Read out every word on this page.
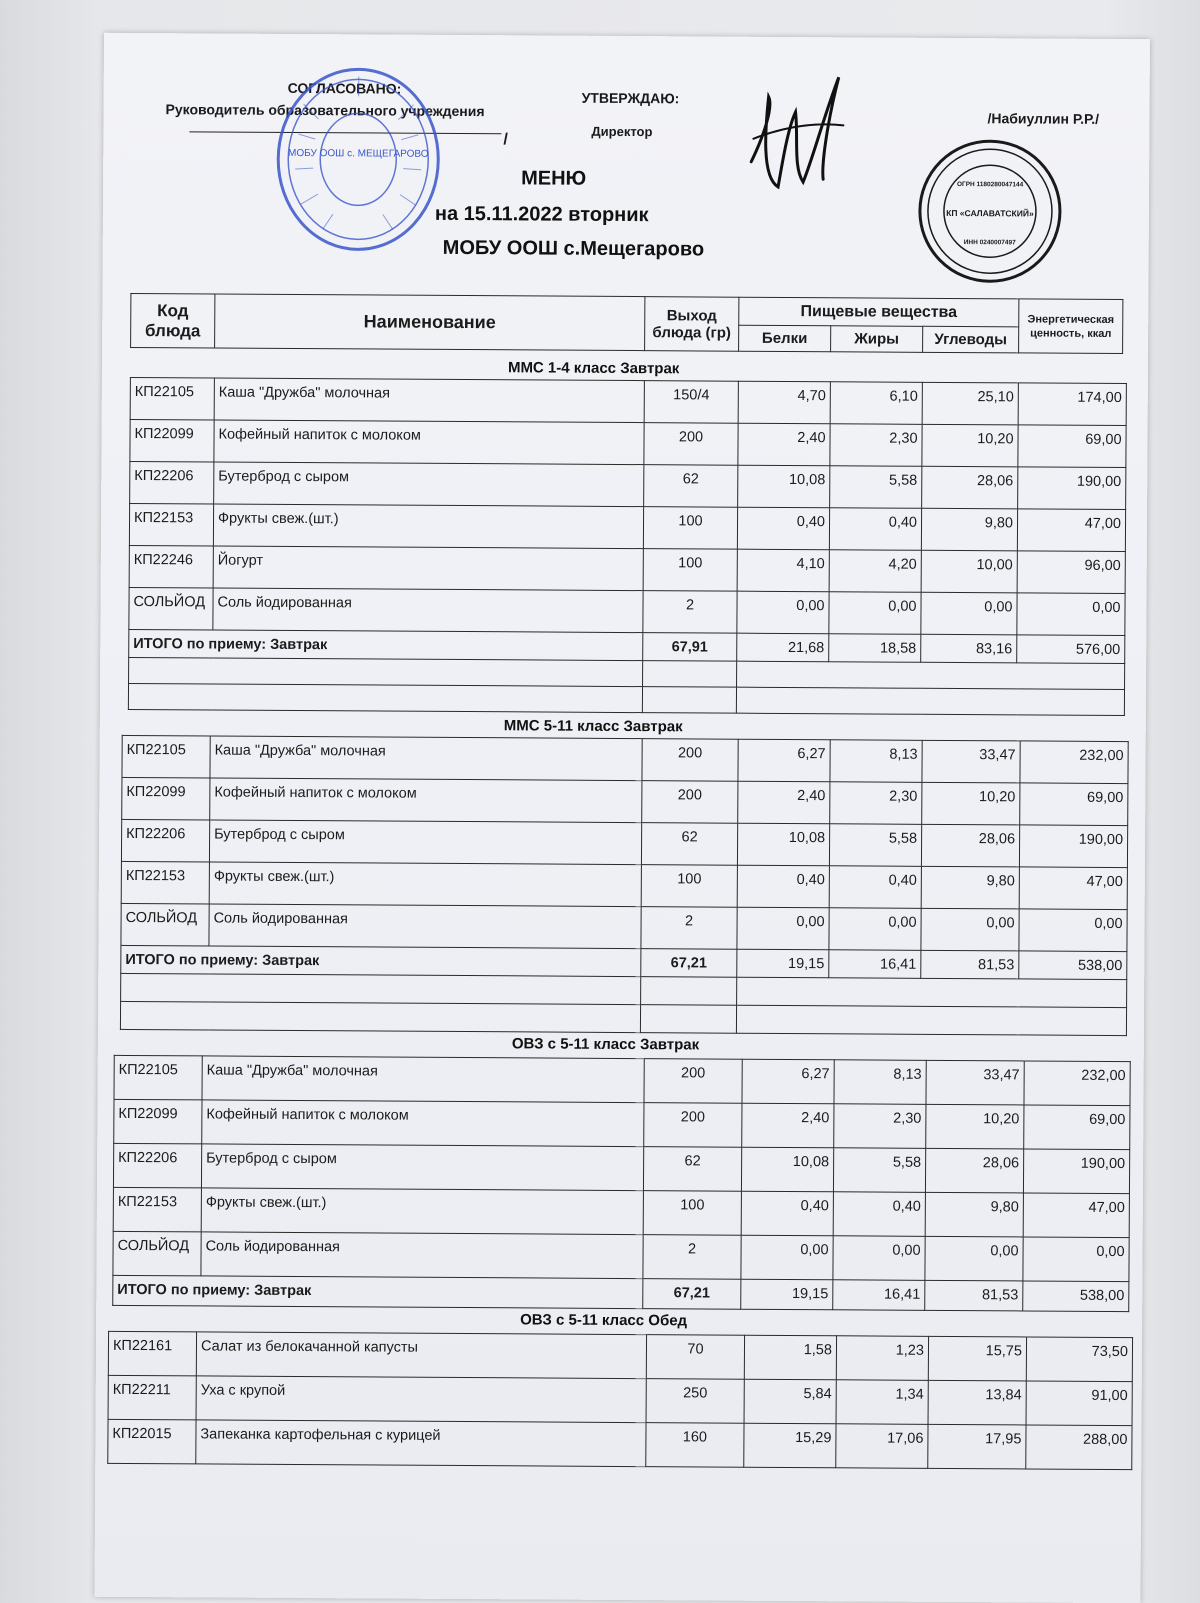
СОГЛАСОВАНО:
Руководитель образовательного учреждения
/
МОБУ ООШ с. МЕЩЕГАРОВО
УТВЕРЖДАЮ:
Директор
/Набиуллин Р.Р./
ОГРН 1180280047144
КП «САЛАВАТСКИЙ»
ИНН 0240007497
МЕНЮ
на 15.11.2022 вторник
МОБУ ООШ с.Мещегарово
Код блюда	Наименование	Выход блюда (гр)	Пищевые вещества			Энергетическая ценность, ккал
			Белки	Жиры	Углеводы	
ММС 1-4 класс Завтрак
КП22105	Каша "Дружба" молочная	150/4	4,70	6,10	25,10	174,00
КП22099	Кофейный напиток с молоком	200	2,40	2,30	10,20	69,00
КП22206	Бутерброд с сыром	62	10,08	5,58	28,06	190,00
КП22153	Фрукты свеж.(шт.)	100	0,40	0,40	9,80	47,00
КП22246	Йогурт	100	4,10	4,20	10,00	96,00
СОЛЬЙОД	Соль йодированная	2	0,00	0,00	0,00	0,00
ИТОГО по приему: Завтрак		67,91	21,68	18,58	83,16	576,00

ММС 5-11 класс Завтрак
КП22105	Каша "Дружба" молочная	200	6,27	8,13	33,47	232,00
КП22099	Кофейный напиток с молоком	200	2,40	2,30	10,20	69,00
КП22206	Бутерброд с сыром	62	10,08	5,58	28,06	190,00
КП22153	Фрукты свеж.(шт.)	100	0,40	0,40	9,80	47,00
СОЛЬЙОД	Соль йодированная	2	0,00	0,00	0,00	0,00
ИТОГО по приему: Завтрак		67,21	19,15	16,41	81,53	538,00

ОВЗ с 5-11 класс Завтрак
КП22105	Каша "Дружба" молочная	200	6,27	8,13	33,47	232,00
КП22099	Кофейный напиток с молоком	200	2,40	2,30	10,20	69,00
КП22206	Бутерброд с сыром	62	10,08	5,58	28,06	190,00
КП22153	Фрукты свеж.(шт.)	100	0,40	0,40	9,80	47,00
СОЛЬЙОД	Соль йодированная	2	0,00	0,00	0,00	0,00
ИТОГО по приему: Завтрак		67,21	19,15	16,41	81,53	538,00
ОВЗ с 5-11 класс Обед
КП22161	Салат из белокачанной капусты	70	1,58	1,23	15,75	73,50
КП22211	Уха с крупой	250	5,84	1,34	13,84	91,00
КП22015	Запеканка картофельная с курицей	160	15,29	17,06	17,95	288,00
